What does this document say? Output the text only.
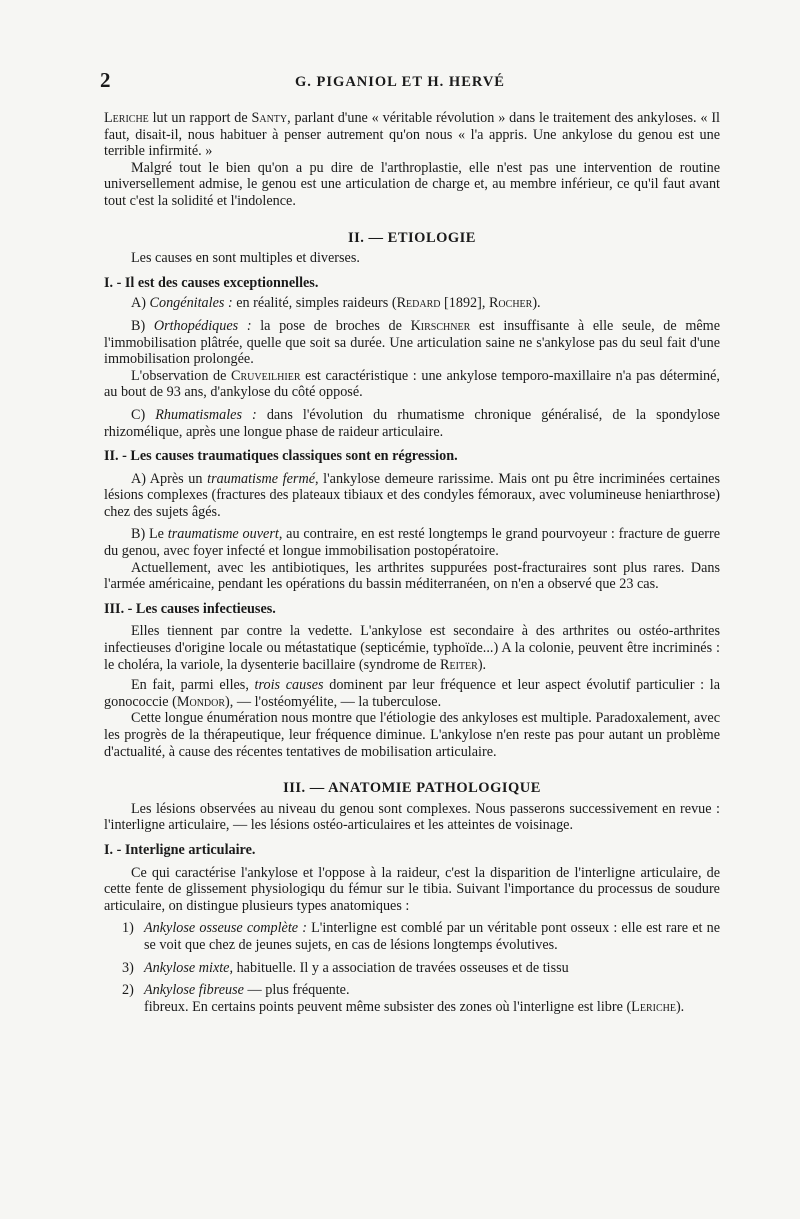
2	G. PIGANIOL ET H. HERVÉ

Leriche lut un rapport de Santy, parlant d'une « véritable révolution » dans le traitement des ankyloses. « Il faut, disait-il, nous habituer à penser autrement qu'on nous « l'a appris. Une ankylose du genou est une terrible infirmité. »

Malgré tout le bien qu'on a pu dire de l'arthroplastie, elle n'est pas une intervention de routine universellement admise, le genou est une articulation de charge et, au membre inférieur, ce qu'il faut avant tout c'est la solidité et l'indolence.

II. — ETIOLOGIE

Les causes en sont multiples et diverses.

I. - Il est des causes exceptionnelles.

A) Congénitales : en réalité, simples raideurs (Redard [1892], Rocher).

B) Orthopédiques : la pose de broches de Kirschner est insuffisante à elle seule, de même l'immobilisation plâtrée, quelle que soit sa durée. Une articulation saine ne s'ankylose pas du seul fait d'une immobilisation prolongée.

L'observation de Cruveilhier est caractéristique : une ankylose temporo-maxillaire n'a pas déterminé, au bout de 93 ans, d'ankylose du côté opposé.

C) Rhumatismales : dans l'évolution du rhumatisme chronique généralisé, de la spondylose rhizomélique, après une longue phase de raideur articulaire.

II. - Les causes traumatiques classiques sont en régression.

A) Après un traumatisme fermé, l'ankylose demeure rarissime. Mais ont pu être incriminées certaines lésions complexes (fractures des plateaux tibiaux et des condyles fémoraux, avec volumineuse heniarthrose) chez des sujets âgés.

B) Le traumatisme ouvert, au contraire, en est resté longtemps le grand pourvoyeur : fracture de guerre du genou, avec foyer infecté et longue immobilisation postopératoire.

Actuellement, avec les antibiotiques, les arthrites suppurées post-fracturaires sont plus rares. Dans l'armée américaine, pendant les opérations du bassin méditerranéen, on n'en a observé que 23 cas.

III. - Les causes infectieuses.

Elles tiennent par contre la vedette. L'ankylose est secondaire à des arthrites ou ostéo-arthrites infectieuses d'origine locale ou métastatique (septicémie, typhoïde...) A la colonie, peuvent être incriminés : le choléra, la variole, la dysenterie bacillaire (syndrome de Reiter).

En fait, parmi elles, trois causes dominent par leur fréquence et leur aspect évolutif particulier : la gonococcie (Mondor), — l'ostéomyélite, — la tuberculose.

Cette longue énumération nous montre que l'étiologie des ankyloses est multiple. Paradoxalement, avec les progrès de la thérapeutique, leur fréquence diminue. L'ankylose n'en reste pas pour autant un problème d'actualité, à cause des récentes tentatives de mobilisation articulaire.

III. — ANATOMIE PATHOLOGIQUE

Les lésions observées au niveau du genou sont complexes. Nous passerons successivement en revue : l'interligne articulaire, — les lésions ostéo-articulaires et les atteintes de voisinage.

I. - Interligne articulaire.

Ce qui caractérise l'ankylose et l'oppose à la raideur, c'est la disparition de l'interligne articulaire, de cette fente de glissement physiologiqu du fémur sur le tibia. Suivant l'importance du processus de soudure articulaire, on distingue plusieurs types anatomiques :

1) Ankylose osseuse complète : L'interligne est comblé par un véritable pont osseux : elle est rare et ne se voit que chez de jeunes sujets, en cas de lésions longtemps évolutives.
3) Ankylose mixte, habituelle. Il y a association de travées osseuses et de tissu
2) Ankylose fibreuse — plus fréquente.

fibreux. En certains points peuvent même subsister des zones où l'interligne est libre (Leriche).
